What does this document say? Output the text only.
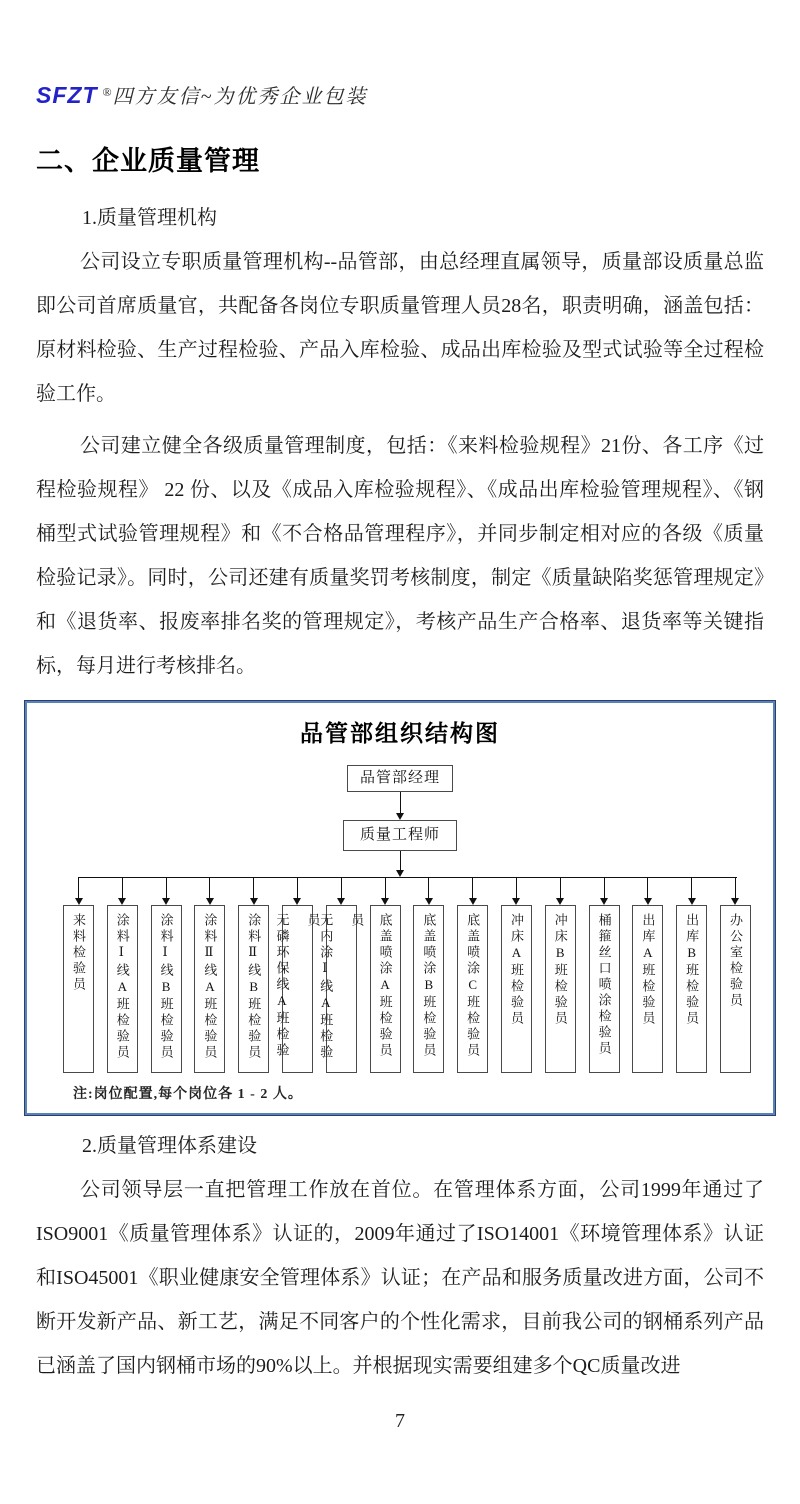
SFZT ® 四方友信~为优秀企业包装
二、企业质量管理
1.质量管理机构

公司设立专职质量管理机构--品管部，由总经理直属领导，质量部设质量总监即公司首席质量官，共配备各岗位专职质量管理人员28名，职责明确，涵盖包括：原材料检验、生产过程检验、产品入库检验、成品出库检验及型式试验等全过程检验工作。

公司建立健全各级质量管理制度，包括：《来料检验规程》21份、各工序《过程检验规程》 22 份、以及《成品入库检验规程》、《成品出库检验管理规程》、《钢桶型式试验管理规程》和《不合格品管理程序》，并同步制定相对应的各级《质量检验记录》。同时，公司还建有质量奖罚考核制度，制定《质量缺陷奖惩管理规定》和《退货率、报废率排名奖的管理规定》，考核产品生产合格率、退货率等关键指标，每月进行考核排名。

品管部组织结构图
品管部经理
质量工程师
来料检验员	涂料Ⅰ线A班检验员	涂料Ⅰ线B班检验员	涂料Ⅱ线A班检验员	涂料Ⅱ线B班检验员	无磷环保线A班检验员
无内涂Ⅰ线A班检验员	底盖喷涂A班检验员	底盖喷涂B班检验员	底盖喷涂C班检验员	冲床A班检验员	冲床B班检验员	桶箍丝口喷涂检验员	出库A班检验员	出库B班检验员	办公室检验员
注:岗位配置,每个岗位各 1 - 2 人。
2.质量管理体系建设

公司领导层一直把管理工作放在首位。在管理体系方面，公司1999年通过了ISO9001《质量管理体系》认证的，2009年通过了ISO14001《环境管理体系》认证和ISO45001《职业健康安全管理体系》认证；在产品和服务质量改进方面，公司不断开发新产品、新工艺，满足不同客户的个性化需求，目前我公司的钢桶系列产品已涵盖了国内钢桶市场的90%以上。并根据现实需要组建多个QC质量改进

7
